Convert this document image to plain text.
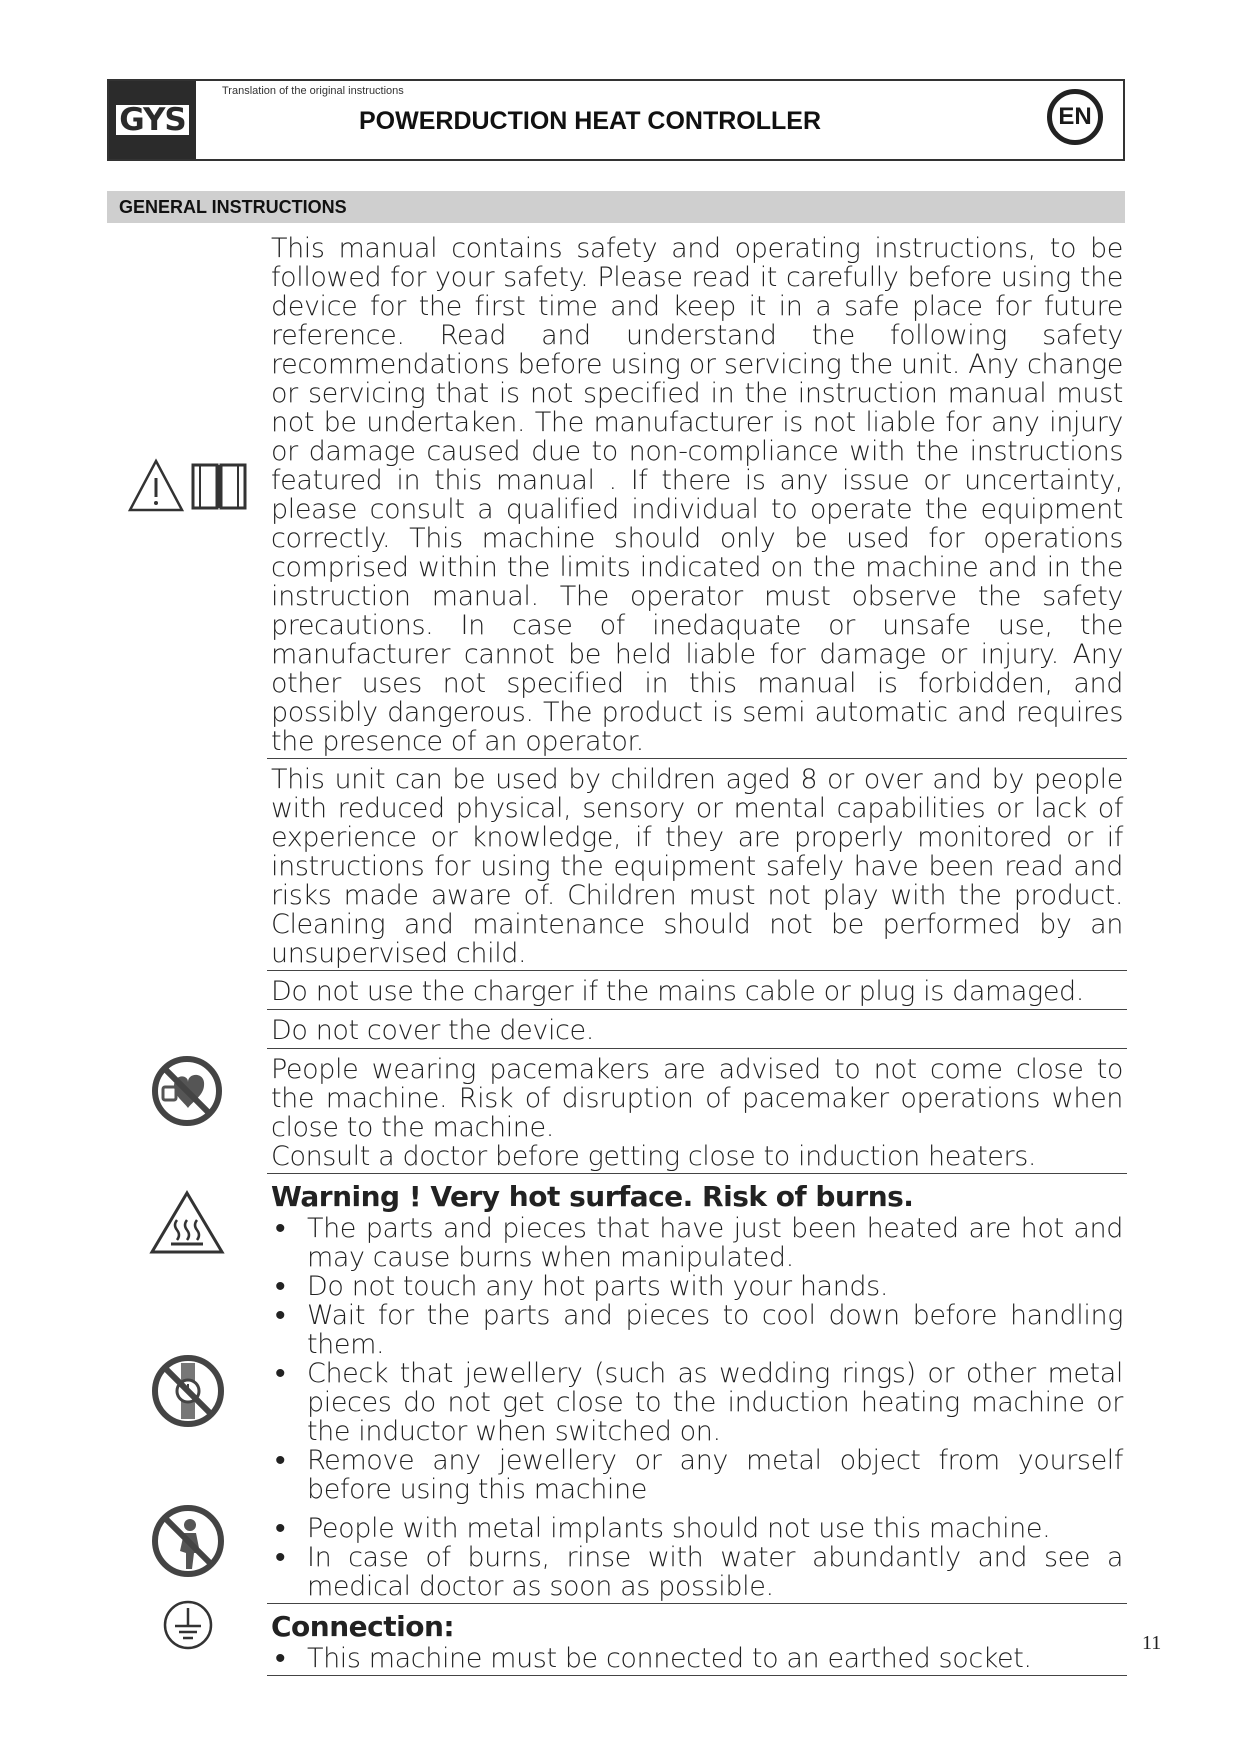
GYS
Translation of the original instructions
POWERDUCTION HEAT CONTROLLER	EN
GENERAL INSTRUCTIONS
This manual contains safety and operating instructions, to be followed for your safety. Please read it carefully before using the device for the first time and keep it in a safe place for future reference. Read and understand the following safety recommendations before using or servicing the unit. Any change or servicing that is not specified in the instruction manual must not be undertaken. The manufacturer is not liable for any injury or damage caused due to non-compliance with the instructions featured in this manual . If there is any issue or uncertainty, please consult a qualified individual to operate the equipment correctly. This machine should only be used for operations comprised within the limits indicated on the machine and in the instruction manual. The operator must observe the safety precautions. In case of inedaquate or unsafe use, the manufacturer cannot be held liable for damage or injury. Any other uses not specified in this manual is forbidden, and possibly dangerous. The product is semi automatic and requires the presence of an operator.
This unit can be used by children aged 8 or over and by people with reduced physical, sensory or mental capabilities or lack of experience or knowledge, if they are properly monitored or if instructions for using the equipment safely have been read and risks made aware of. Children must not play with the product. Cleaning and maintenance should not be performed by an unsupervised child.
Do not use the charger if the mains cable or plug is damaged.
Do not cover the device.
People wearing pacemakers are advised to not come close to the machine. Risk of disruption of pacemaker operations when close to the machine.
Consult a doctor before getting close to induction heaters.
Warning ! Very hot surface. Risk of burns.
• The parts and pieces that have just been heated are hot and may cause burns when manipulated.
• Do not touch any hot parts with your hands.
• Wait for the parts and pieces to cool down before handling them.
• Check that jewellery (such as wedding rings) or other metal pieces do not get close to the induction heating machine or the inductor when switched on.
• Remove any jewellery or any metal object from yourself before using this machine
• People with metal implants should not use this machine.
• In case of burns, rinse with water abundantly and see a medical doctor as soon as possible.
Connection:
• This machine must be connected to an earthed socket.	11
